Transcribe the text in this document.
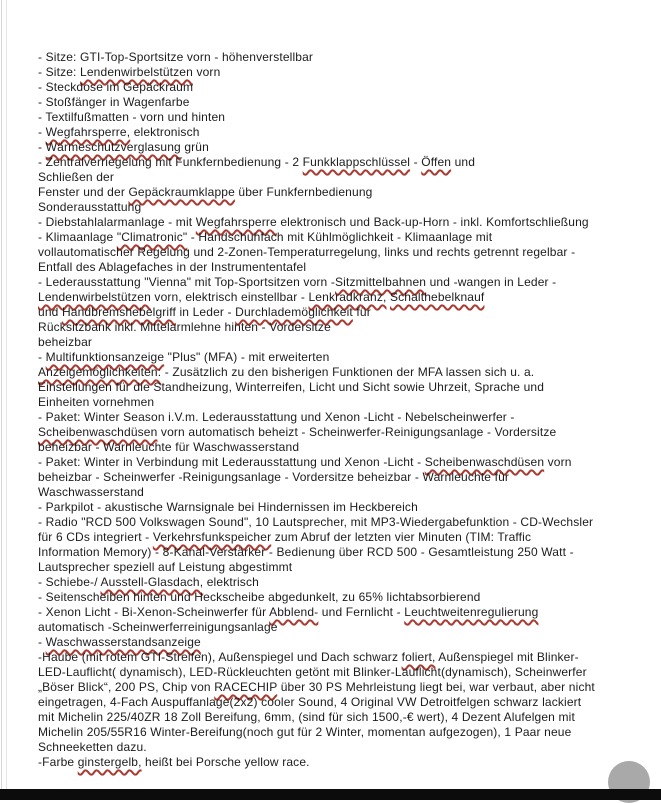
- Sitze: GTI-Top-Sportsitze vorn - höhenverstellbar
- Sitze: Lendenwirbelstützen vorn
- Steckdose im Gepäckraum
- Stoßfänger in Wagenfarbe
- Textilfußmatten - vorn und hinten
- Wegfahrsperre, elektronisch
- Wärmeschutzverglasung grün
- Zentralverriegelung mit Funkfernbedienung - 2 Funkklappschlüssel - Öffen und
Schließen der
Fenster und der Gepäckraumklappe über Funkfernbedienung
Sonderausstattung
- Diebstahlalarmanlage - mit Wegfahrsperre elektronisch und Back-up-Horn - inkl. Komfortschließung
- Klimaanlage "Climatronic" - Handschuhfach mit Kühlmöglichkeit - Klimaanlage mit
vollautomatischer Regelung und 2-Zonen-Temperaturregelung, links und rechts getrennt regelbar -
Entfall des Ablagefaches in der Instrumententafel
- Lederausstattung "Vienna" mit Top-Sportsitzen vorn -Sitzmittelbahnen und -wangen in Leder -
Lendenwirbelstützen vorn, elektrisch einstellbar - Lenkradkranz, Schalthebelknauf
und Handbremshebelgriff in Leder - Durchlademöglichkeit für
Rücksitzbank inkl. Mittelarmlehne hinten - Vordersitze
beheizbar
- Multifunktionsanzeige "Plus" (MFA) - mit erweiterten
Anzeigemöglichkeiten: - Zusätzlich zu den bisherigen Funktionen der MFA lassen sich u. a.
Einstellungen für die Standheizung, Winterreifen, Licht und Sicht sowie Uhrzeit, Sprache und
Einheiten vornehmen
- Paket: Winter Season i.V.m. Lederausstattung und Xenon -Licht - Nebelscheinwerfer -
Scheibenwaschdüsen vorn automatisch beheizt - Scheinwerfer-Reinigungsanlage - Vordersitze
beheizbar - Warnleuchte für Waschwasserstand
- Paket: Winter in Verbindung mit Lederausstattung und Xenon -Licht - Scheibenwaschdüsen vorn
beheizbar - Scheinwerfer -Reinigungsanlage - Vordersitze beheizbar - Warnleuchte für
Waschwasserstand
- Parkpilot - akustische Warnsignale bei Hindernissen im Heckbereich
- Radio "RCD 500 Volkswagen Sound", 10 Lautsprecher, mit MP3-Wiedergabefunktion - CD-Wechsler
für 6 CDs integriert - Verkehrsfunkspeicher zum Abruf der letzten vier Minuten (TIM: Traffic
Information Memory) - 8-Kanal-Verstärker - Bedienung über RCD 500 - Gesamtleistung 250 Watt -
Lautsprecher speziell auf Leistung abgestimmt
- Schiebe-/ Ausstell-Glasdach, elektrisch
- Seitenscheiben hinten und Heckscheibe abgedunkelt, zu 65% lichtabsorbierend
- Xenon Licht - Bi-Xenon-Scheinwerfer für Abblend- und Fernlicht - Leuchtweitenregulierung
automatisch -Scheinwerferreinigungsanlage
- Waschwasserstandsanzeige
-Haube (mit rotem GTI-Streifen), Außenspiegel und Dach schwarz foliert, Außenspiegel mit Blinker-
LED-Lauflicht( dynamisch), LED-Rückleuchten getönt mit Blinker-Lauflicht(dynamisch), Scheinwerfer
„Böser Blick“, 200 PS, Chip von RACECHIP über 30 PS Mehrleistung liegt bei, war verbaut, aber nicht
eingetragen, 4-Fach Auspuffanlage(2x2) cooler Sound, 4 Original VW Detroitfelgen schwarz lackiert
mit Michelin 225/40ZR 18 Zoll Bereifung, 6mm, (sind für sich 1500,-€ wert), 4 Dezent Alufelgen mit
Michelin 205/55R16 Winter-Bereifung(noch gut für 2 Winter, momentan aufgezogen), 1 Paar neue
Schneeketten dazu.
-Farbe ginstergelb, heißt bei Porsche yellow race.
